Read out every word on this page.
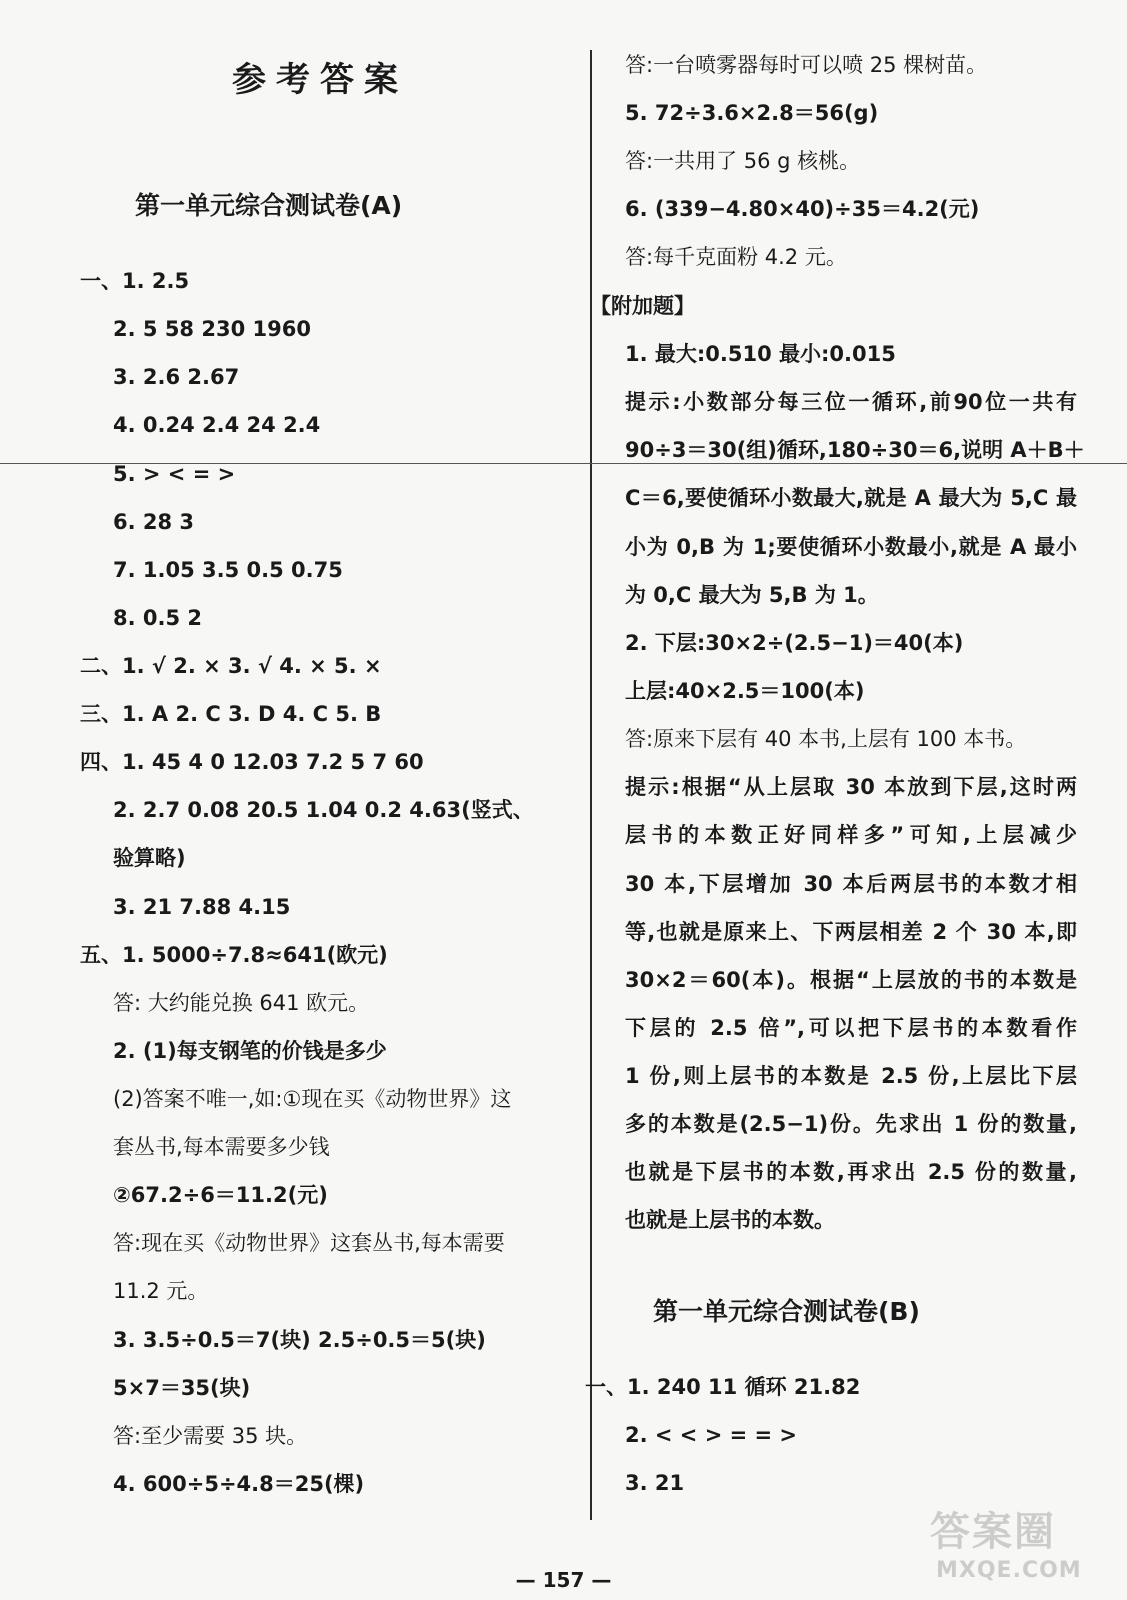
参考答案
第一单元综合测试卷(A)
一、1. 2.5
2. 5 58 230 1960
3. 2.6 2.67
4. 0.24 2.4 24 2.4
5. > < = >
6. 28 3
7. 1.05 3.5 0.5 0.75
8. 0.5 2
二、1. √ 2. × 3. √ 4. × 5. ×
三、1. A 2. C 3. D 4. C 5. B
四、1. 45 4 0 12.03 7.2 5 7 60
2. 2.7 0.08 20.5 1.04 0.2 4.63(竖式、
验算略)
3. 21 7.88 4.15
五、1. 5000÷7.8≈641(欧元)
答: 大约能兑换 641 欧元。
2. (1)每支钢笔的价钱是多少
(2)答案不唯一,如:①现在买《动物世界》这
套丛书,每本需要多少钱
②67.2÷6＝11.2(元)
答:现在买《动物世界》这套丛书,每本需要
11.2 元。
3. 3.5÷0.5＝7(块) 2.5÷0.5＝5(块)
5×7＝35(块)
答:至少需要 35 块。
4. 600÷5÷4.8＝25(棵)
答:一台喷雾器每时可以喷 25 棵树苗。
5. 72÷3.6×2.8＝56(g)
答:一共用了 56 g 核桃。
6. (339−4.80×40)÷35＝4.2(元)
答:每千克面粉 4.2 元。
【附加题】
1. 最大:0.510 最小:0.015
提示:小数部分每三位一循环,前90位一共有
90÷3＝30(组)循环,180÷30＝6,说明 A＋B＋
C＝6,要使循环小数最大,就是 A 最大为 5,C 最
小为 0,B 为 1;要使循环小数最小,就是 A 最小
为 0,C 最大为 5,B 为 1。
2. 下层:30×2÷(2.5−1)＝40(本)
上层:40×2.5＝100(本)
答:原来下层有 40 本书,上层有 100 本书。
提示:根据“从上层取 30 本放到下层,这时两
层书的本数正好同样多”可知,上层减少
30 本,下层增加 30 本后两层书的本数才相
等,也就是原来上、下两层相差 2 个 30 本,即
30×2＝60(本)。根据“上层放的书的本数是
下层的 2.5 倍”,可以把下层书的本数看作
1 份,则上层书的本数是 2.5 份,上层比下层
多的本数是(2.5−1)份。先求出 1 份的数量,
也就是下层书的本数,再求出 2.5 份的数量,
也就是上层书的本数。
第一单元综合测试卷(B)
一、1. 240 11 循环 21.82
2. < < > = = >
3. 21
— 157 —
答案圈
MXQE.COM
